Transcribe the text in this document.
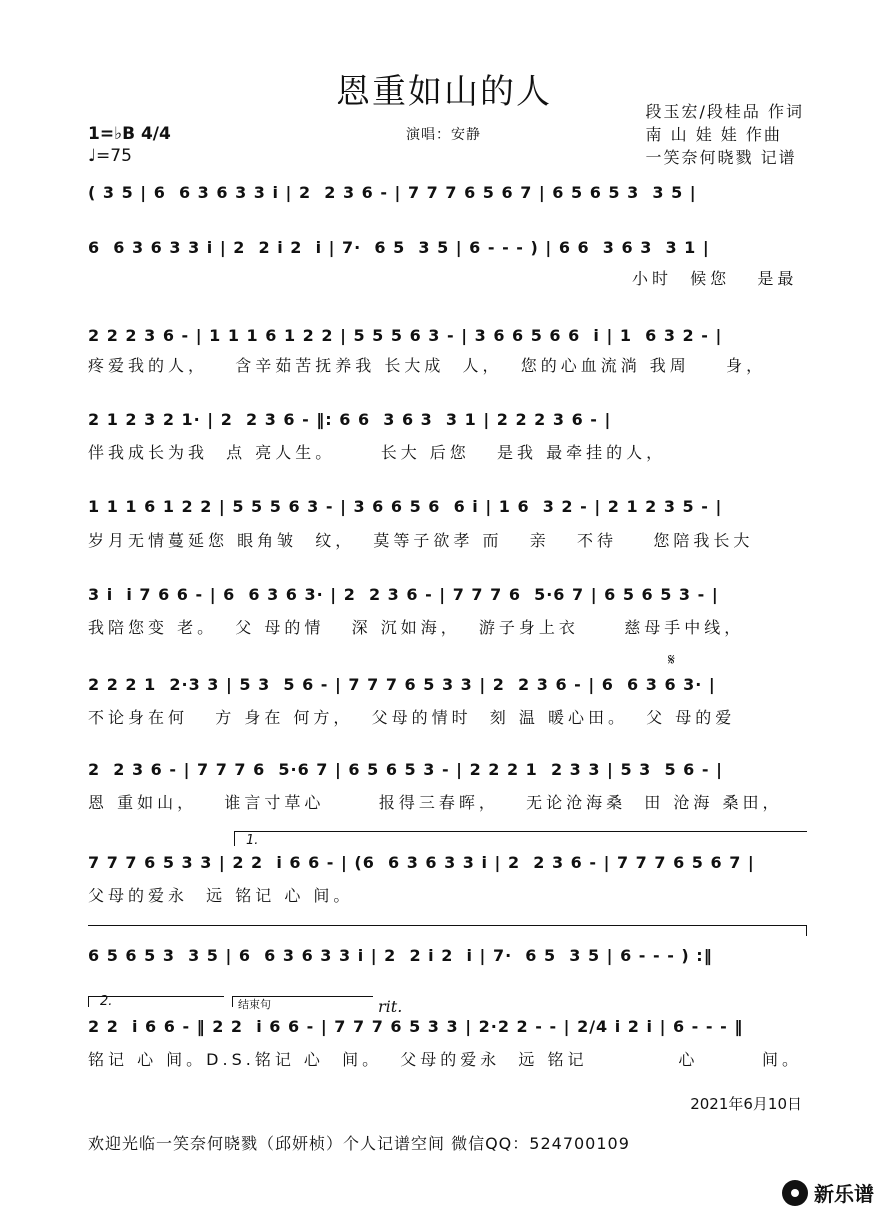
恩重如山的人	段玉宏/段桂品 作词
南 山 娃 娃 作曲
一笑奈何晓戮 记谱
1=♭B 4/4
♩=75
演唱：安静
( 3 5 | 6  6 3 6 3 3 i | 2  2 3 6 - | 7 7 7 6 5 6 7 | 6 5 6 5 3  3 5 |
6  6 3 6 3 3 i | 2  2 i 2  i | 7·  6 5  3 5 | 6 - - - ) | 6 6  3 6 3  3 1 |
小时  候您   是最
2 2 2 3 6 - | 1 1 1 6 1 2 2 | 5 5 5 6 3 - | 3 6 6 5 6 6  i | 1  6 3 2 - |
疼爱我的人，   含辛茹苦抚养我 长大成  人，  您的心血流淌 我周    身，
2 1 2 3 2 1· | 2  2 3 6 - ‖: 6 6  3 6 3  3 1 | 2 2 2 3 6 - |
伴我成长为我  点 亮人生。     长大 后您   是我 最牵挂的人，
1 1 1 6 1 2 2 | 5 5 5 6 3 - | 3 6 6 5 6  6 i | 1 6  3 2 - | 2 1 2 3 5 - |
岁月无情蔓延您 眼角皱  纹，  莫等子欲孝 而   亲   不待    您陪我长大
3 i  i 7 6 6 - | 6  6 3 6 3· | 2  2 3 6 - | 7 7 7 6  5·6 7 | 6 5 6 5 3 - |
我陪您变 老。  父 母的情   深 沉如海，  游子身上衣     慈母手中线，
𝄋
2 2 2 1  2·3 3 | 5 3  5 6 - | 7 7 7 6 5 3 3 | 2  2 3 6 - | 6  6 3 6 3· |
不论身在何   方 身在 何方，  父母的情时  刻 温 暖心田。  父 母的爱
2  2 3 6 - | 7 7 7 6  5·6 7 | 6 5 6 5 3 - | 2 2 2 1  2 3 3 | 5 3  5 6 - |
恩 重如山，   谁言寸草心      报得三春晖，   无论沧海桑  田 沧海 桑田，
1.
7 7 7 6 5 3 3 | 2 2  i 6 6 - | (6  6 3 6 3 3 i | 2  2 3 6 - | 7 7 7 6 5 6 7 |
父母的爱永  远 铭记 心 间。
6 5 6 5 3  3 5 | 6  6 3 6 3 3 i | 2  2 i 2  i | 7·  6 5  3 5 | 6 - - - ) :‖
2.	结束句	rit.
2 2  i 6 6 - ‖ 2 2  i 6 6 - | 7 7 7 6 5 3 3 | 2·2 2 - - | 2/4 i 2 i | 6 - - - ‖
铭记 心 间。D.S.铭记 心  间。  父母的爱永  远 铭记          心       间。
2021年6月10日
欢迎光临一笑奈何晓戮（邱妍桢）个人记谱空间 微信QQ：524700109
新乐谱
